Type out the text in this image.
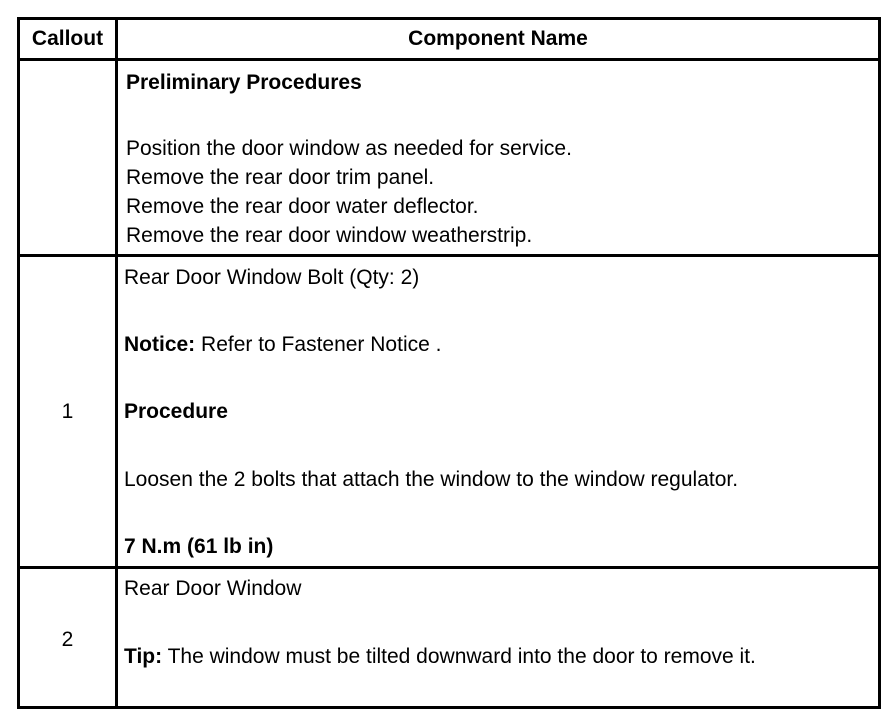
Callout	Component Name
Preliminary Procedures
Position the door window as needed for service.
Remove the rear door trim panel.
Remove the rear door water deflector.
Remove the rear door window weatherstrip.
1
Rear Door Window Bolt (Qty: 2)
Notice: Refer to Fastener Notice .
Procedure
Loosen the 2 bolts that attach the window to the window regulator.
7 N.m (61 lb in)
2
Rear Door Window
Tip: The window must be tilted downward into the door to remove it.
